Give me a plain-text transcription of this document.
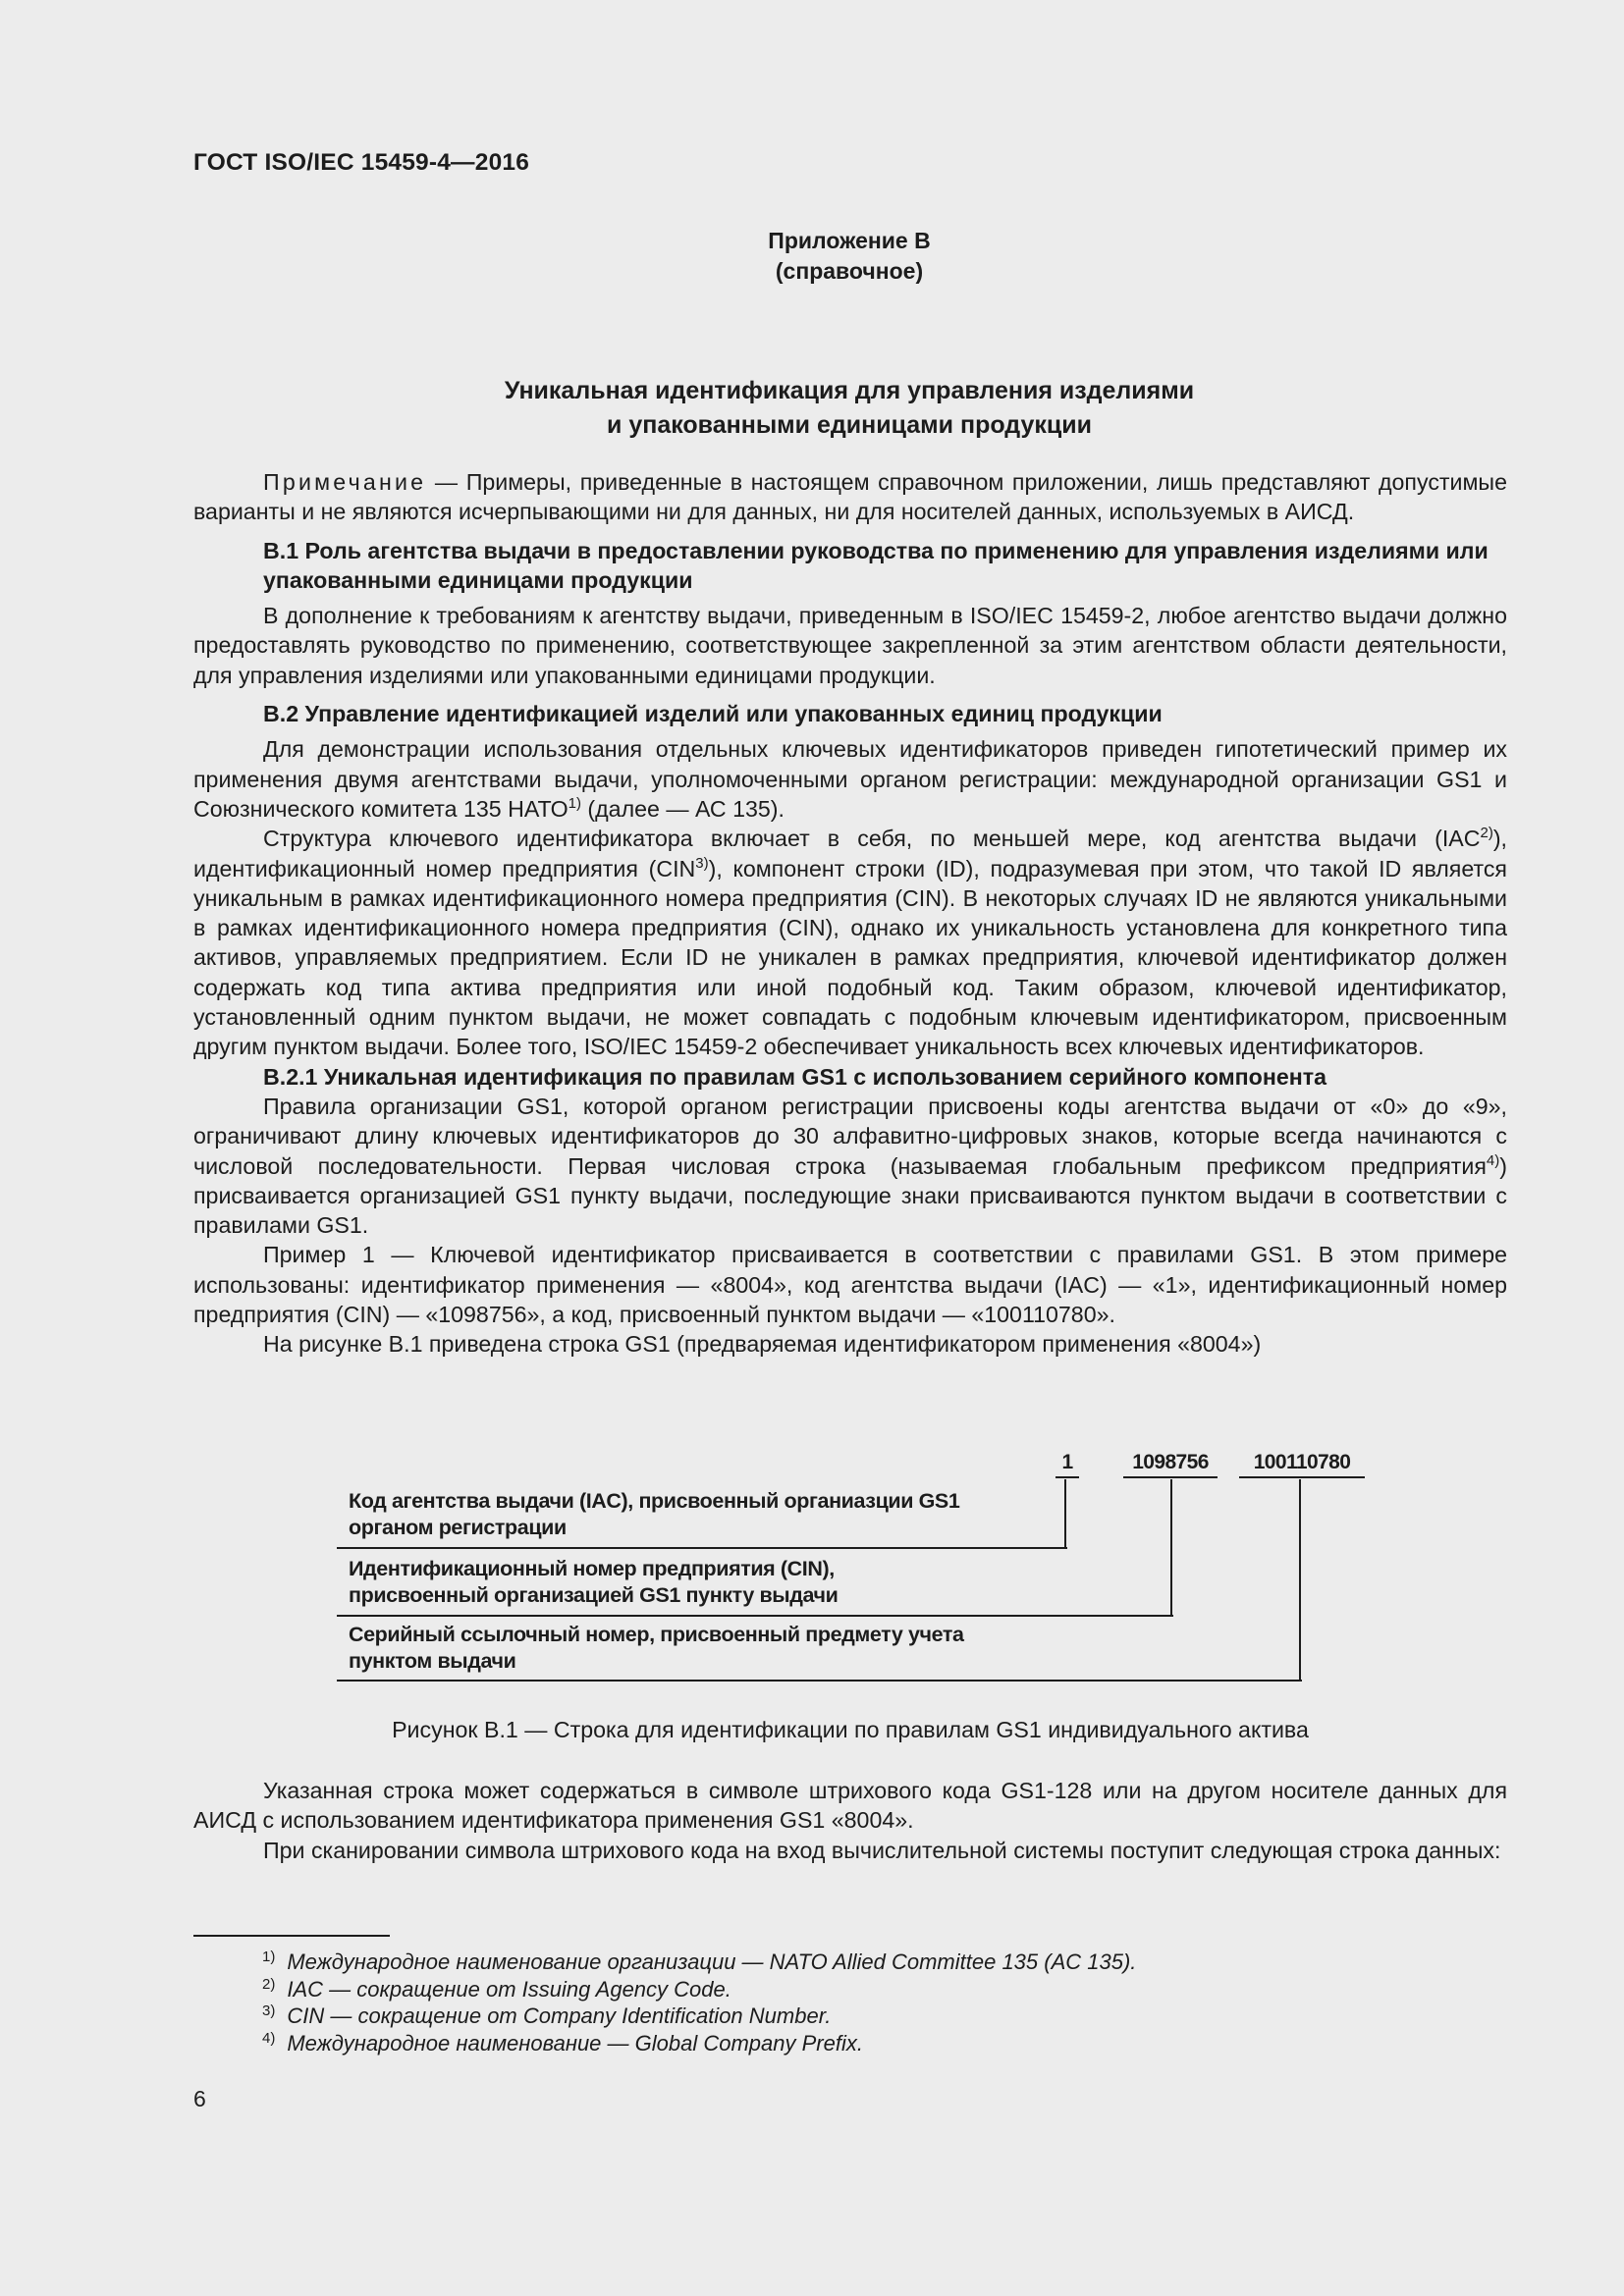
ГОСТ ISO/IEC 15459-4—2016
Приложение В
(справочное)
Уникальная идентификация для управления изделиями
и упакованными единицами продукции

Примечание — Примеры, приведенные в настоящем справочном приложении, лишь представляют допустимые варианты и не являются исчерпывающими ни для данных, ни для носителей данных, используемых в АИСД.

В.1 Роль агентства выдачи в предоставлении руководства по применению для управления изделиями или упакованными единицами продукции

В дополнение к требованиям к агентству выдачи, приведенным в ISO/IEC 15459-2, любое агентство выдачи должно предоставлять руководство по применению, соответствующее закрепленной за этим агентством области деятельности, для управления изделиями или упакованными единицами продукции.

В.2 Управление идентификацией изделий или упакованных единиц продукции

Для демонстрации использования отдельных ключевых идентификаторов приведен гипотетический пример их применения двумя агентствами выдачи, уполномоченными органом регистрации: международной организации GS1 и Союзнического комитета 135 НАТО$^{1)}$ (далее — АС 135).

Структура ключевого идентификатора включает в себя, по меньшей мере, код агентства выдачи (IAC$^{2)}$), идентификационный номер предприятия (CIN$^{3)}$), компонент строки (ID), подразумевая при этом, что такой ID является уникальным в рамках идентификационного номера предприятия (CIN). В некоторых случаях ID не являются уникальными в рамках идентификационного номера предприятия (CIN), однако их уникальность установлена для конкретного типа активов, управляемых предприятием. Если ID не уникален в рамках предприятия, ключевой идентификатор должен содержать код типа актива предприятия или иной подобный код. Таким образом, ключевой идентификатор, установленный одним пунктом выдачи, не может совпадать с подобным ключевым идентификатором, присвоенным другим пунктом выдачи. Более того, ISO/IEC 15459-2 обеспечивает уникальность всех ключевых идентификаторов.

В.2.1 Уникальная идентификация по правилам GS1 с использованием серийного компонента

Правила организации GS1, которой органом регистрации присвоены коды агентства выдачи от «0» до «9», ограничивают длину ключевых идентификаторов до 30 алфавитно-цифровых знаков, которые всегда начинаются с числовой последовательности. Первая числовая строка (называемая глобальным префиксом предприятия$^{4)}$) присваивается организацией GS1 пункту выдачи, последующие знаки присваиваются пунктом выдачи в соответствии с правилами GS1.

Пример 1 — Ключевой идентификатор присваивается в соответствии с правилами GS1. В этом примере использованы: идентификатор применения — «8004», код агентства выдачи (IAC) — «1», идентификационный номер предприятия (CIN) — «1098756», а код, присвоенный пунктом выдачи — «100110780».

На рисунке В.1 приведена строка GS1 (предваряемая идентификатором применения «8004»)

1	1098756	100110780
Код агентства выдачи (IAC), присвоенный органиазции GS1
органом регистрации
Идентификационный номер предприятия (CIN),
присвоенный организацией GS1 пункту выдачи
Серийный ссылочный номер, присвоенный предмету учета
пунктом выдачи
Рисунок В.1 — Строка для идентификации по правилам GS1 индивидуального актива

Указанная строка может содержаться в символе штрихового кода GS1-128 или на другом носителе данных для АИСД с использованием идентификатора применения GS1 «8004».

При сканировании символа штрихового кода на вход вычислительной системы поступит следующая строка данных:

$^{1)}$ Международное наименование организации — NATO Allied Committee 135 (AC 135).
$^{2)}$ IAC — сокращение от Issuing Agency Code.
$^{3)}$ CIN — сокращение от Company Identification Number.
$^{4)}$ Международное наименование — Global Company Prefix.
6
